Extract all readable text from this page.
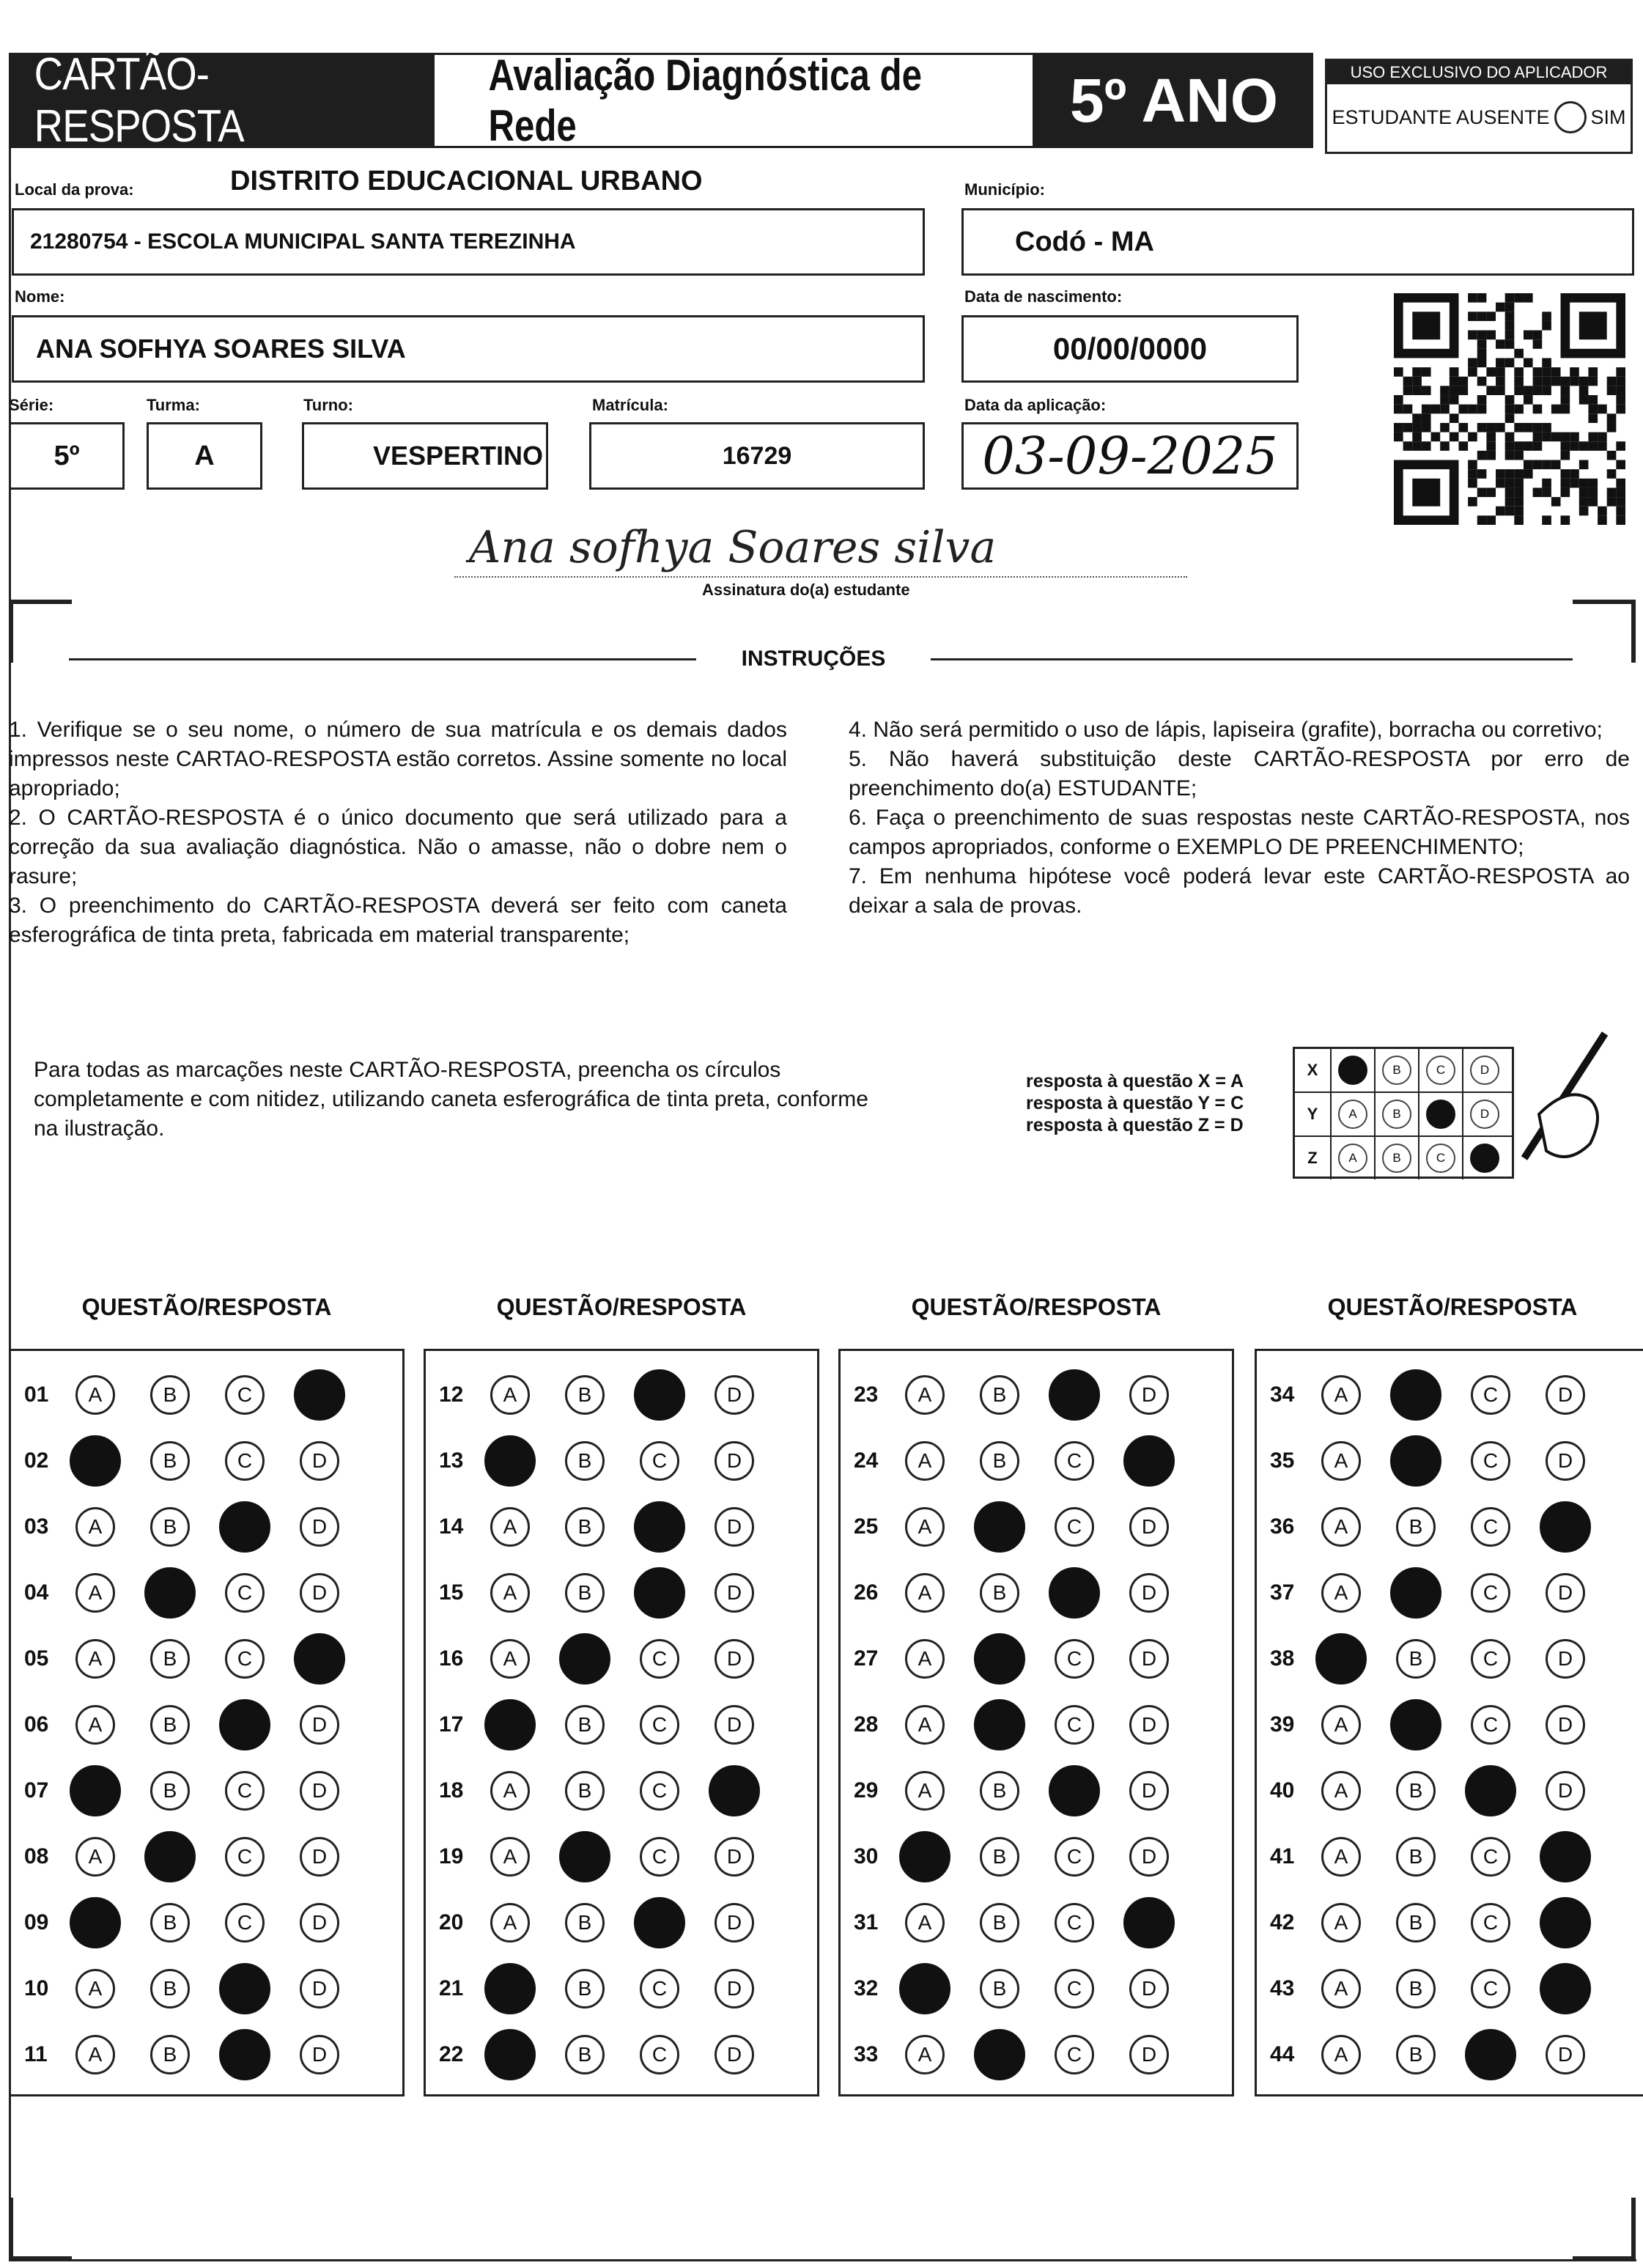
CARTÃO-RESPOSTA
Avaliação Diagnóstica de Rede	5º ANO	USO EXCLUSIVO DO APLICADOR
ESTUDANTE AUSENTE SIM
Local da prova:	DISTRITO EDUCACIONAL URBANO
21280754 - ESCOLA MUNICIPAL SANTA TEREZINHA
Município:
Codó - MA
Nome:
ANA SOFHYA SOARES SILVA
Data de nascimento:
00/00/0000
Série:
5º
Turma:
A
Turno:
VESPERTINO
Matrícula:
16729
Data da aplicação:
03-09-2025
Ana sofhya Soares silva
Assinatura do(a) estudante
INSTRUÇÕES

1. Verifique se o seu nome, o número de sua matrícula e os demais dados impressos neste CARTAO-RESPOSTA estão corretos. Assine somente no local apropriado;

2. O CARTÃO-RESPOSTA é o único documento que será utilizado para a correção da sua avaliação diagnóstica. Não o amasse, não o dobre nem o rasure;

3. O preenchimento do CARTÃO-RESPOSTA deverá ser feito com caneta esferográfica de tinta preta, fabricada em material transparente;

4. Não será permitido o uso de lápis, lapiseira (grafite), borracha ou corretivo;

5. Não haverá substituição deste CARTÃO-RESPOSTA por erro de preenchimento do(a) ESTUDANTE;

6. Faça o preenchimento de suas respostas neste CARTÃO-RESPOSTA, nos campos apropriados, conforme o EXEMPLO DE PREENCHIMENTO;

7. Em nenhuma hipótese você poderá levar este CARTÃO-RESPOSTA ao deixar a sala de provas.

Para todas as marcações neste CARTÃO-RESPOSTA, preencha os círculos completamente e com nitidez, utilizando caneta esferográfica de tinta preta, conforme na ilustração.
resposta à questão X = A
resposta à questão Y = C
resposta à questão Z = D
X	A	B	C	D
Y	A	B	C	D
Z	A	B	C	D
QUESTÃO/RESPOSTA
01	A	B	C	D
02	A	B	C	D
03	A	B	C	D
04	A	B	C	D
05	A	B	C	D
06	A	B	C	D
07	A	B	C	D
08	A	B	C	D
09	A	B	C	D
10	A	B	C	D
11	A	B	C	D
QUESTÃO/RESPOSTA
12	A	B	C	D
13	A	B	C	D
14	A	B	C	D
15	A	B	C	D
16	A	B	C	D
17	A	B	C	D
18	A	B	C	D
19	A	B	C	D
20	A	B	C	D
21	A	B	C	D
22	A	B	C	D
QUESTÃO/RESPOSTA
23	A	B	C	D
24	A	B	C	D
25	A	B	C	D
26	A	B	C	D
27	A	B	C	D
28	A	B	C	D
29	A	B	C	D
30	A	B	C	D
31	A	B	C	D
32	A	B	C	D
33	A	B	C	D
QUESTÃO/RESPOSTA
34	A	B	C	D
35	A	B	C	D
36	A	B	C	D
37	A	B	C	D
38	A	B	C	D
39	A	B	C	D
40	A	B	C	D
41	A	B	C	D
42	A	B	C	D
43	A	B	C	D
44	A	B	C	D
